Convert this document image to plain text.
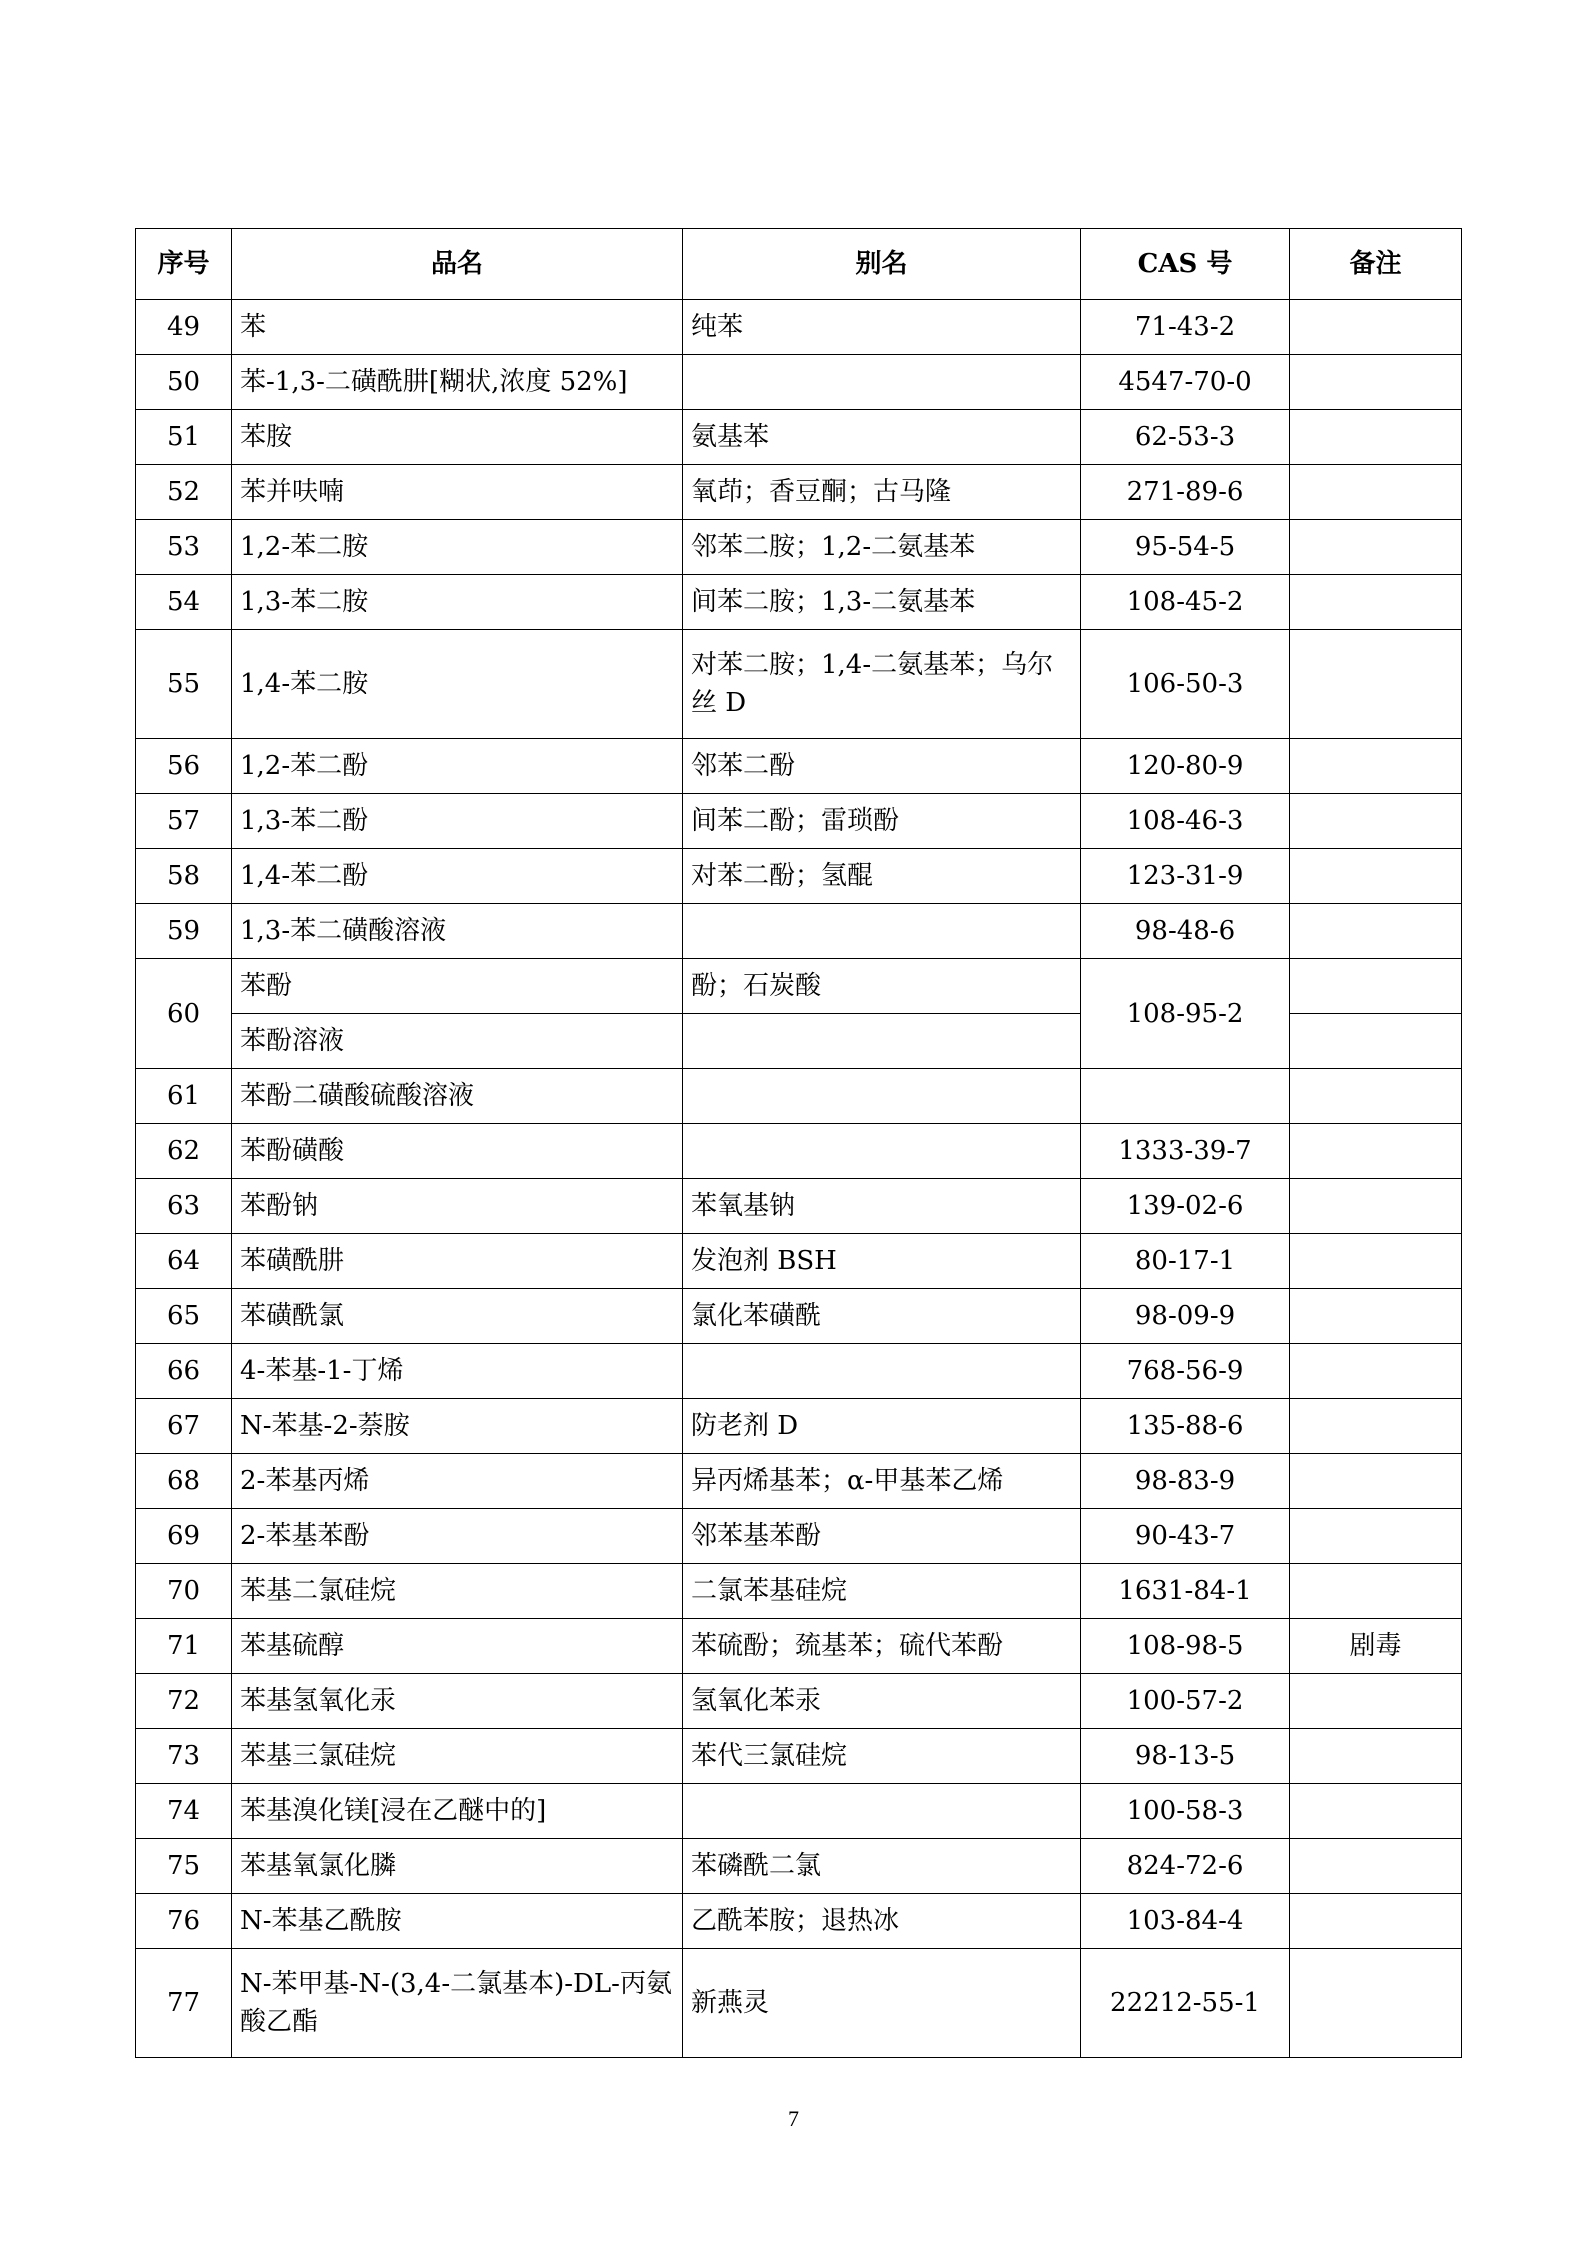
序号	品名	别名	CAS 号	备注
49	苯	纯苯	71-43-2	
50	苯-1,3-二磺酰肼[糊状,浓度 52%]		4547-70-0	
51	苯胺	氨基苯	62-53-3	
52	苯并呋喃	氧茚；香豆酮；古马隆	271-89-6	
53	1,2-苯二胺	邻苯二胺；1,2-二氨基苯	95-54-5	
54	1,3-苯二胺	间苯二胺；1,3-二氨基苯	108-45-2	
55	1,4-苯二胺	对苯二胺；1,4-二氨基苯；乌尔丝 D	106-50-3	
56	1,2-苯二酚	邻苯二酚	120-80-9	
57	1,3-苯二酚	间苯二酚；雷琐酚	108-46-3	
58	1,4-苯二酚	对苯二酚；氢醌	123-31-9	
59	1,3-苯二磺酸溶液		98-48-6	
60	苯酚	酚；石炭酸	108-95-2	
	苯酚溶液			
61	苯酚二磺酸硫酸溶液			
62	苯酚磺酸		1333-39-7	
63	苯酚钠	苯氧基钠	139-02-6	
64	苯磺酰肼	发泡剂 BSH	80-17-1	
65	苯磺酰氯	氯化苯磺酰	98-09-9	
66	4-苯基-1-丁烯		768-56-9	
67	N-苯基-2-萘胺	防老剂 D	135-88-6	
68	2-苯基丙烯	异丙烯基苯；α-甲基苯乙烯	98-83-9	
69	2-苯基苯酚	邻苯基苯酚	90-43-7	
70	苯基二氯硅烷	二氯苯基硅烷	1631-84-1	
71	苯基硫醇	苯硫酚；巯基苯；硫代苯酚	108-98-5	剧毒
72	苯基氢氧化汞	氢氧化苯汞	100-57-2	
73	苯基三氯硅烷	苯代三氯硅烷	98-13-5	
74	苯基溴化镁[浸在乙醚中的]		100-58-3	
75	苯基氧氯化膦	苯磷酰二氯	824-72-6	
76	N-苯基乙酰胺	乙酰苯胺；退热冰	103-84-4	
77	N-苯甲基-N-(3,4-二氯基本)-DL-丙氨酸乙酯	新燕灵	22212-55-1	
7
